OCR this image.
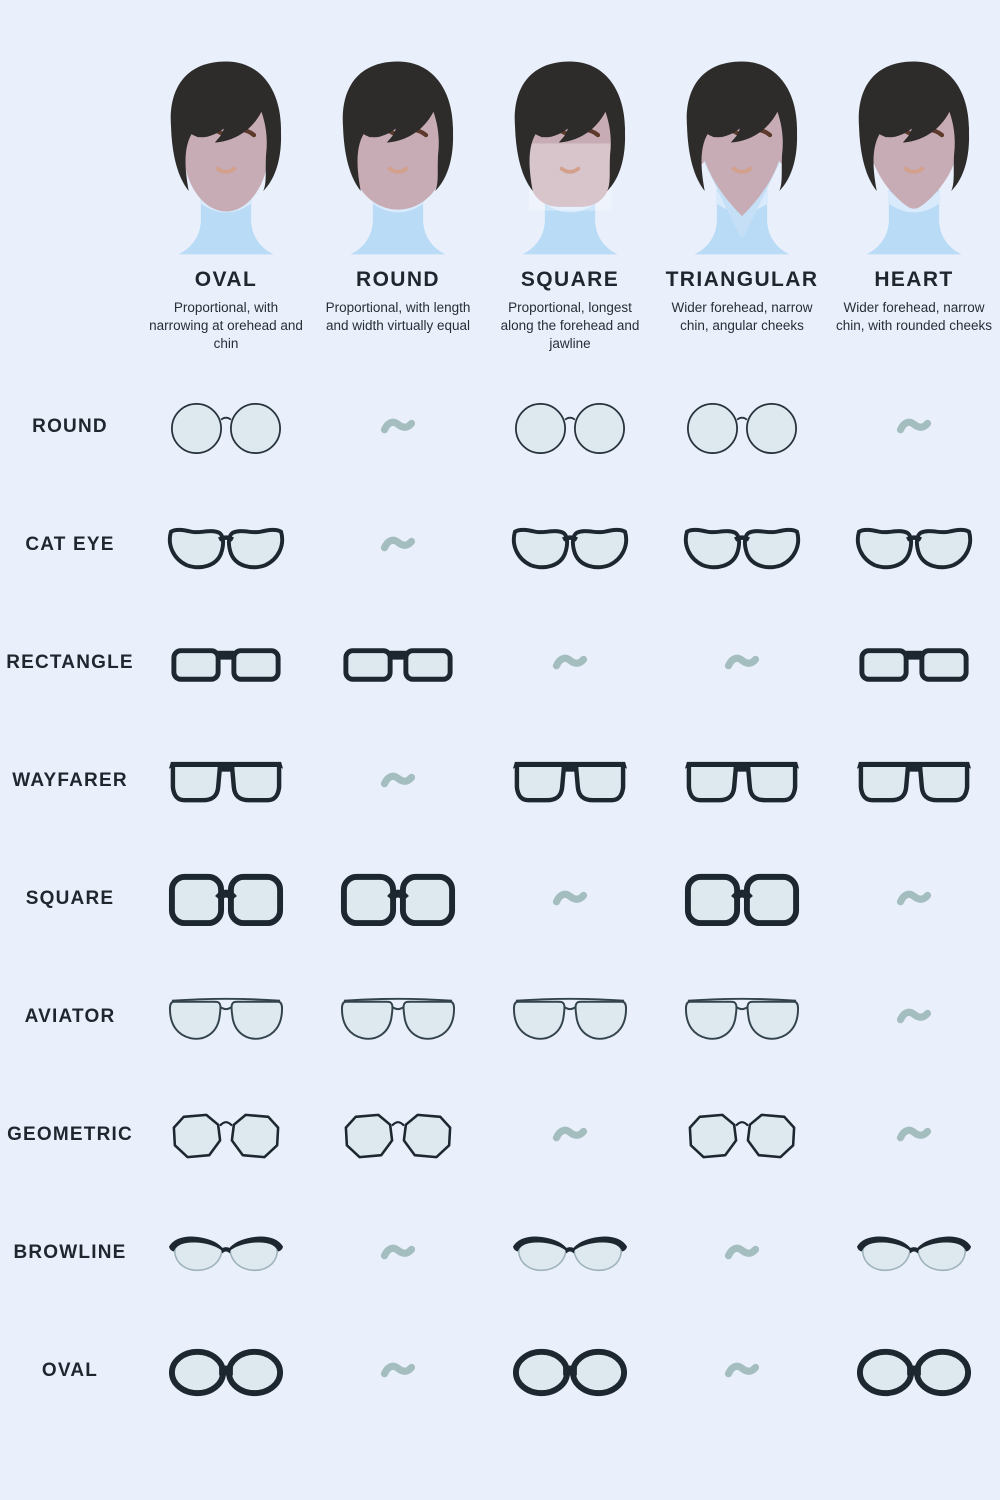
OVAL
Proportional, with narrowing at orehead and chin
ROUND
Proportional, with length and width virtually equal
SQUARE
Proportional, longest along the forehead and jawline
TRIANGULAR
Wider forehead, narrow chin, angular cheeks
HEART
Wider forehead, narrow chin, with rounded cheeks
ROUND
CAT EYE
RECTANGLE
WAYFARER
SQUARE
AVIATOR
GEOMETRIC
BROWLINE
OVAL
